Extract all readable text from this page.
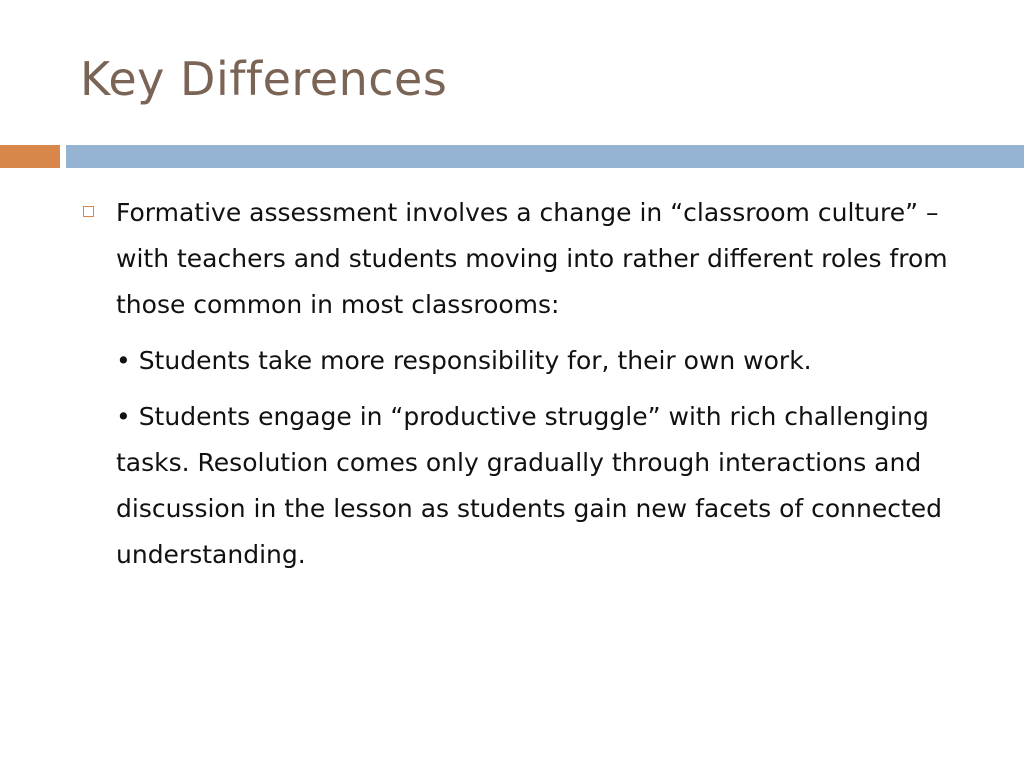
Key Differences
Formative assessment involves a change in “classroom culture” – with teachers and students moving into rather different roles from those common in most classrooms:
• Students take more responsibility for, their own work.
• Students engage in “productive struggle” with rich challenging tasks. Resolution comes only gradually through interactions and discussion in the lesson as students gain new facets of connected understanding.
